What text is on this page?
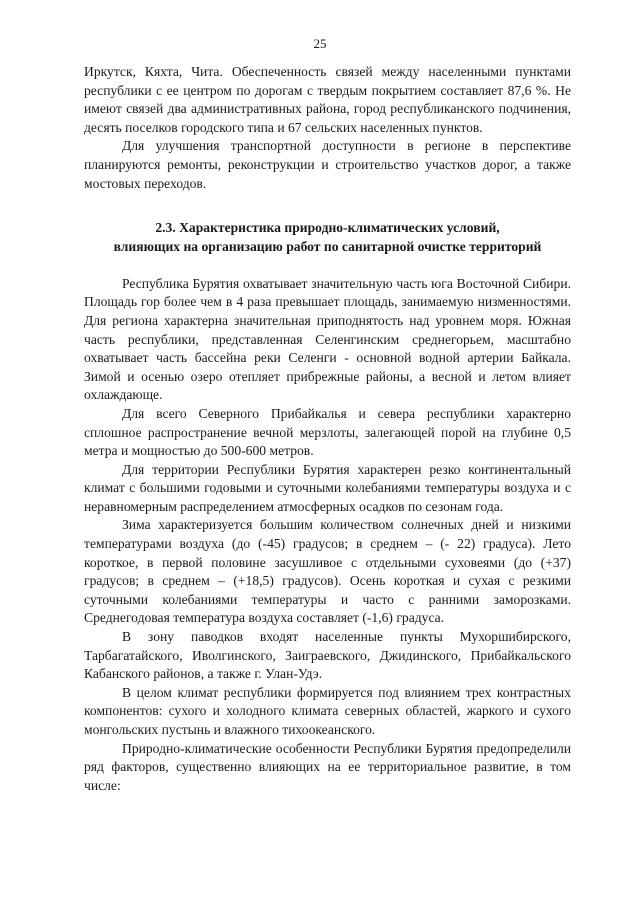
25

Иркутск, Кяхта, Чита. Обеспеченность связей между населенными пунктами республики с ее центром по дорогам с твердым покрытием составляет 87,6 %. Не имеют связей два административных района, город республиканского подчинения, десять поселков городского типа и 67 сельских населенных пунктов.

Для улучшения транспортной доступности в регионе в перспективе планируются ремонты, реконструкции и строительство участков дорог, а также мостовых переходов.

2.3. Характеристика природно-климатических условий,

влияющих на организацию работ по санитарной очистке территорий

Республика Бурятия охватывает значительную часть юга Восточной Сибири. Площадь гор более чем в 4 раза превышает площадь, занимаемую низменностями. Для региона характерна значительная приподнятость над уровнем моря. Южная часть республики, представленная Селенгинским среднегорьем, масштабно охватывает часть бассейна реки Селенги - основной водной артерии Байкала. Зимой и осенью озеро отепляет прибрежные районы, а весной и летом влияет охлаждающе.

Для всего Северного Прибайкалья и севера республики характерно сплошное распространение вечной мерзлоты, залегающей порой на глубине 0,5 метра и мощностью до 500-600 метров.

Для территории Республики Бурятия характерен резко континентальный климат с большими годовыми и суточными колебаниями температуры воздуха и с неравномерным распределением атмосферных осадков по сезонам года.

Зима характеризуется большим количеством солнечных дней и низкими температурами воздуха (до (-45) градусов; в среднем – (- 22) градуса). Лето короткое, в первой половине засушливое с отдельными суховеями (до (+37) градусов; в среднем – (+18,5) градусов). Осень короткая и сухая с резкими суточными колебаниями температуры и часто с ранними заморозками. Среднегодовая температура воздуха составляет (-1,6) градуса.

В зону паводков входят населенные пункты Мухоршибирского, Тарбагатайского, Иволгинского, Заиграевского, Джидинского, Прибайкальского Кабанского районов, а также г. Улан-Удэ.

В целом климат республики формируется под влиянием трех контрастных компонентов: сухого и холодного климата северных областей, жаркого и сухого монгольских пустынь и влажного тихоокеанского.

Природно-климатические особенности Республики Бурятия предопределили ряд факторов, существенно влияющих на ее территориальное развитие, в том числе:
